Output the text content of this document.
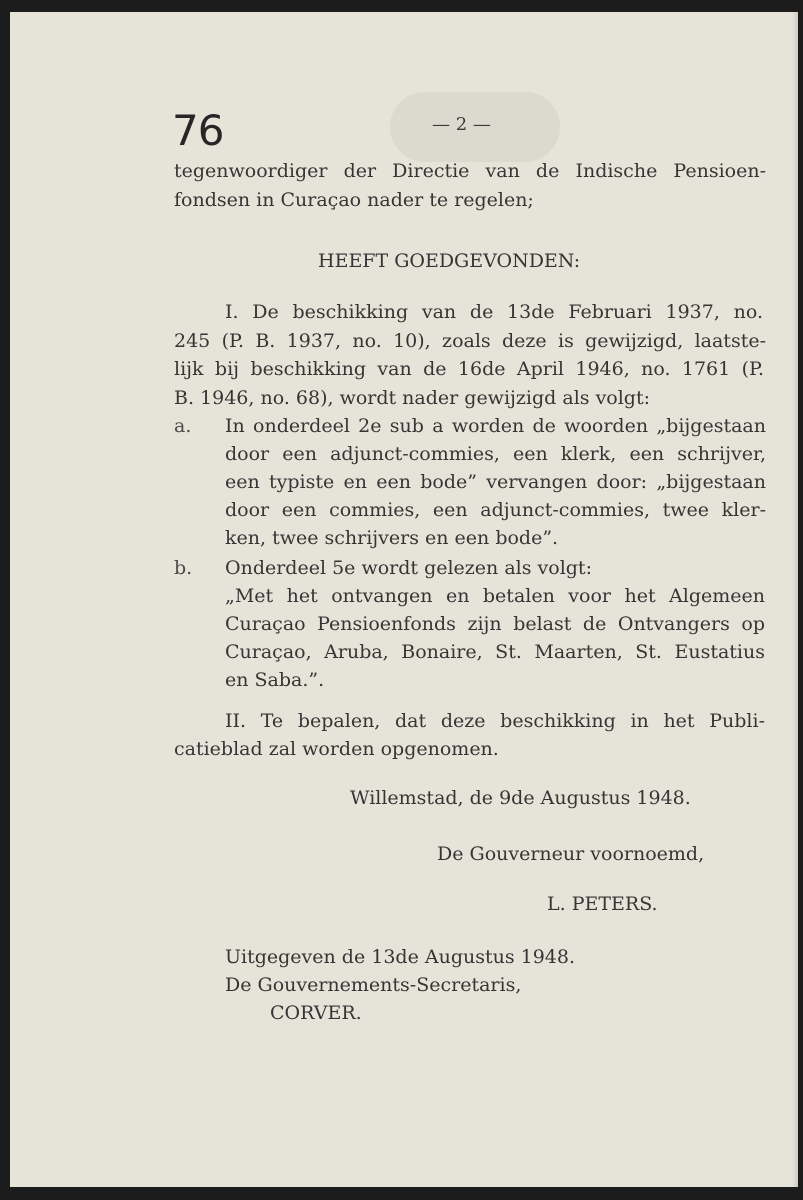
76	— 2 —
tegenwoordiger der Directie van de Indische Pensioen-
fondsen in Curaçao nader te regelen;
HEEFT GOEDGEVONDEN:
I. De beschikking van de 13de Februari 1937, no.
245 (P. B. 1937, no. 10), zoals deze is gewijzigd, laatste-
lijk bij beschikking van de 16de April 1946, no. 1761 (P.
B. 1946, no. 68), wordt nader gewijzigd als volgt:
a. In onderdeel 2e sub a worden de woorden „bijgestaan
door een adjunct-commies, een klerk, een schrijver,
een typiste en een bode” vervangen door: „bijgestaan
door een commies, een adjunct-commies, twee kler-
ken, twee schrijvers en een bode”.
b. Onderdeel 5e wordt gelezen als volgt:
„Met het ontvangen en betalen voor het Algemeen
Curaçao Pensioenfonds zijn belast de Ontvangers op
Curaçao, Aruba, Bonaire, St. Maarten, St. Eustatius
en Saba.”.
II. Te bepalen, dat deze beschikking in het Publi-
catieblad zal worden opgenomen.
Willemstad, de 9de Augustus 1948.
De Gouverneur voornoemd,
L. PETERS.
Uitgegeven de 13de Augustus 1948.
De Gouvernements-Secretaris,
CORVER.
